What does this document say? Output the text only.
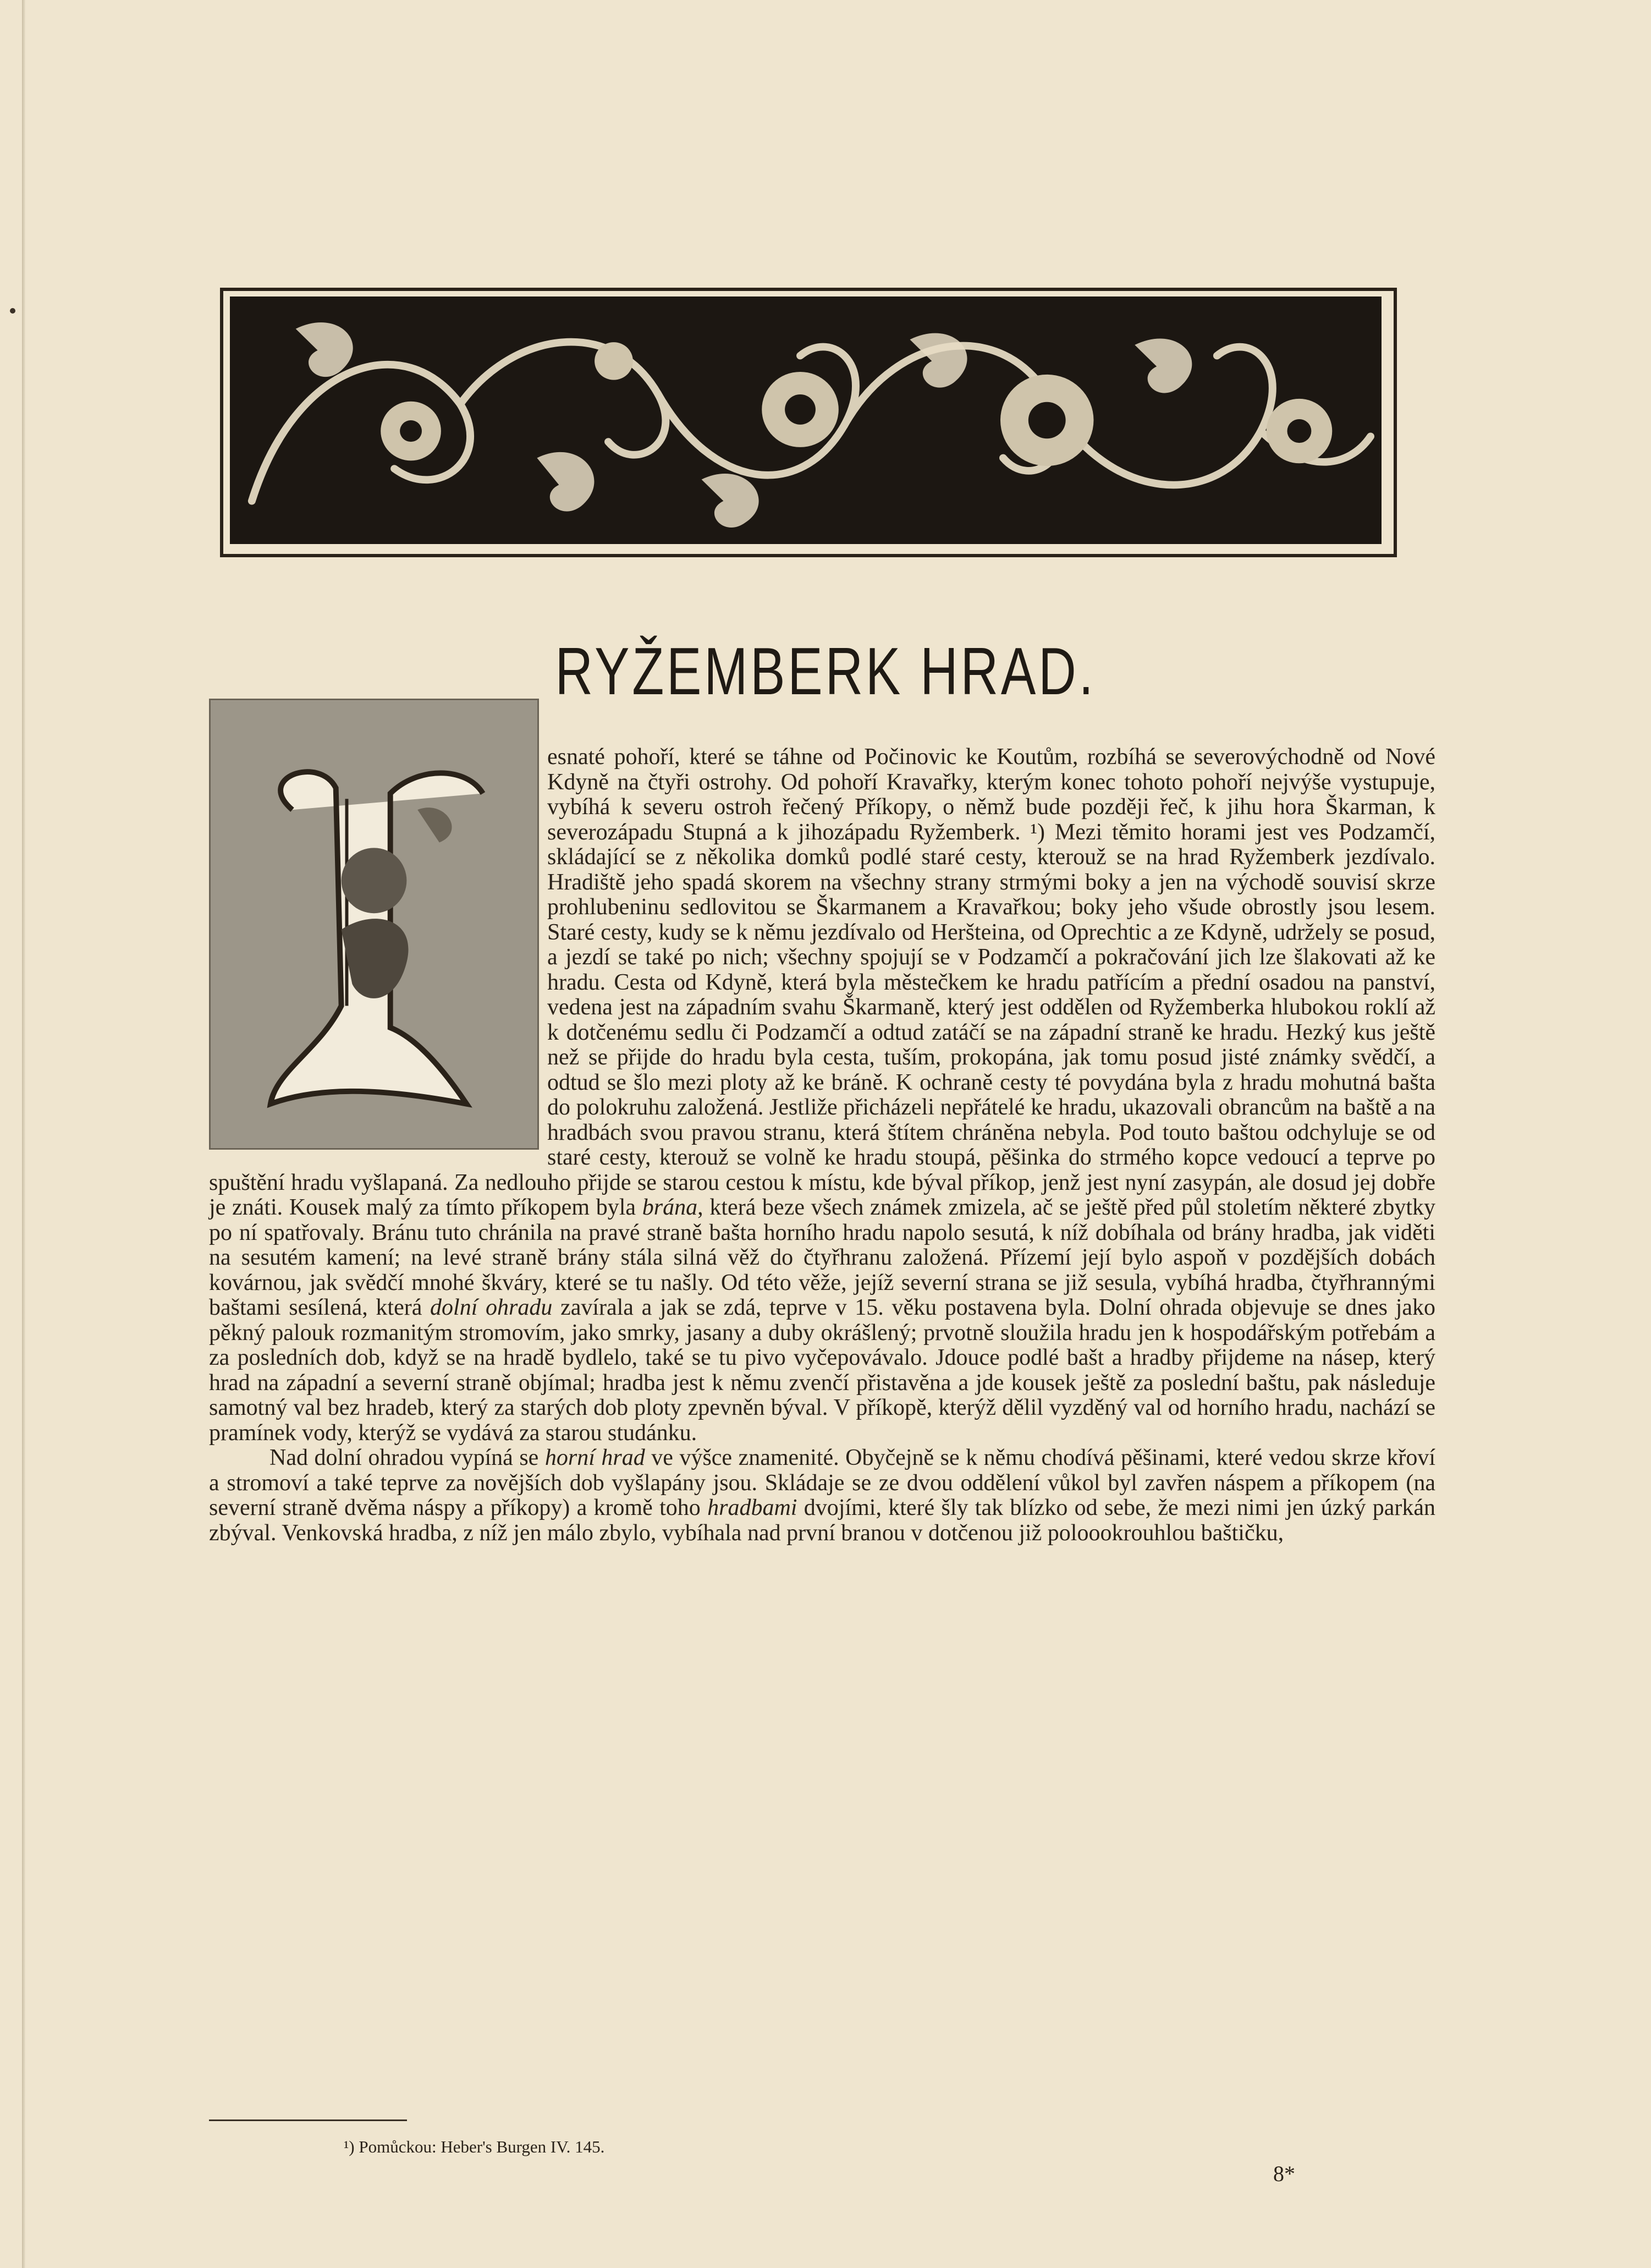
RYŽEMBERK HRAD.

esnaté pohoří, které se táhne od Počinovic ke Koutům, rozbíhá se severovýchodně od Nové Kdyně na čtyři ostrohy. Od pohoří Kravařky, kterým konec tohoto pohoří nejvýše vystupuje, vybíhá k severu ostroh řečený Příkopy, o němž bude později řeč, k jihu hora Škarman, k severozápadu Stupná a k jihozápadu Ryžemberk. ¹) Mezi těmito horami jest ves Podzamčí, skládající se z několika domků podlé staré cesty, kterouž se na hrad Ryžemberk jezdívalo. Hradiště jeho spadá skorem na všechny strany strmými boky a jen na východě souvisí skrze prohlubeninu sedlovitou se Škarmanem a Kravařkou; boky jeho všude obrostly jsou lesem. Staré cesty, kudy se k němu jezdívalo od Heršteina, od Oprechtic a ze Kdyně, udržely se posud, a jezdí se také po nich; všechny spojují se v Podzamčí a pokračování jich lze šlakovati až ke hradu. Cesta od Kdyně, která byla městečkem ke hradu patřícím a přední osadou na panství, vedena jest na západním svahu Škarmaně, který jest oddělen od Ryžemberka hlubokou roklí až k dotčenému sedlu či Podzamčí a odtud zatáčí se na západní straně ke hradu. Hezký kus ještě než se přijde do hradu byla cesta, tuším, prokopána, jak tomu posud jisté známky svědčí, a odtud se šlo mezi ploty až ke bráně. K ochraně cesty té povydána byla z hradu mohutná bašta do polokruhu založená. Jestliže přicházeli nepřátelé ke hradu, ukazovali obrancům na baště a na hradbách svou pravou stranu, která štítem chráněna nebyla. Pod touto baštou odchyluje se od staré cesty, kterouž se volně ke hradu stoupá, pěšinka do strmého kopce vedoucí a teprve po spuštění hradu vyšlapaná. Za nedlouho přijde se starou cestou k místu, kde býval příkop, jenž jest nyní zasypán, ale dosud jej dobře je znáti. Kousek malý za tímto příkopem byla brána, která beze všech známek zmizela, ač se ještě před půl stoletím některé zbytky po ní spatřovaly. Bránu tuto chránila na pravé straně bašta horního hradu napolo sesutá, k níž dobíhala od brány hradba, jak viděti na sesutém kamení; na levé straně brány stála silná věž do čtyřhranu založená. Přízemí její bylo aspoň v pozdějších dobách kovárnou, jak svědčí mnohé škváry, které se tu našly. Od této věže, jejíž severní strana se již sesula, vybíhá hradba, čtyřhrannými baštami sesílená, která dolní ohradu zavírala a jak se zdá, teprve v 15. věku postavena byla. Dolní ohrada objevuje se dnes jako pěkný palouk rozmanitým stromovím, jako smrky, jasany a duby okrášlený; prvotně sloužila hradu jen k hospodářským potřebám a za posledních dob, když se na hradě bydlelo, také se tu pivo vyčepovávalo. Jdouce podlé bašt a hradby přijdeme na násep, který hrad na západní a severní straně objímal; hradba jest k němu zvenčí přistavěna a jde kousek ještě za poslední baštu, pak následuje samotný val bez hradeb, který za starých dob ploty zpevněn býval. V příkopě, kterýž dělil vyzděný val od horního hradu, nachází se pramínek vody, kterýž se vydává za starou studánku.

Nad dolní ohradou vypíná se horní hrad ve výšce znamenité. Obyčejně se k němu chodívá pěšinami, které vedou skrze křoví a stromoví a také teprve za novějších dob vyšlapány jsou. Skládaje se ze dvou oddělení vůkol byl zavřen náspem a příkopem (na severní straně dvěma náspy a příkopy) a kromě toho hradbami dvojími, které šly tak blízko od sebe, že mezi nimi jen úzký parkán zbýval. Venkovská hradba, z níž jen málo zbylo, vybíhala nad první branou v dotčenou již poloookrouhlou baštičku,

¹) Pomůckou: Heber's Burgen IV. 145.
8*
